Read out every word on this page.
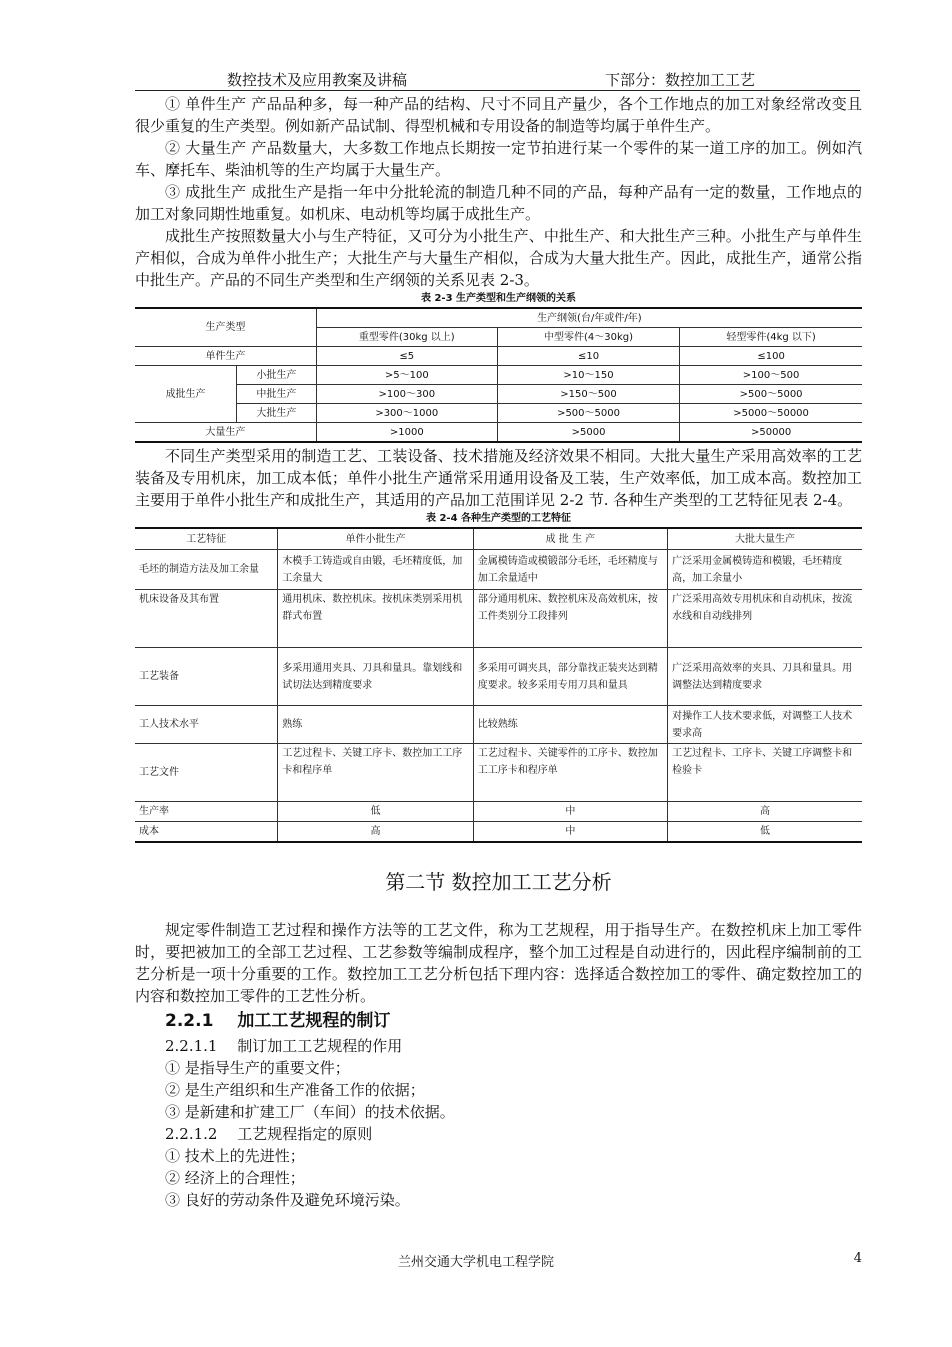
数控技术及应用教案及讲稿	下部分：数控加工工艺

① 单件生产 产品品种多，每一种产品的结构、尺寸不同且产量少，各个工作地点的加工对象经常改变且很少重复的生产类型。例如新产品试制、得型机械和专用设备的制造等均属于单件生产。

② 大量生产 产品数量大，大多数工作地点长期按一定节拍进行某一个零件的某一道工序的加工。例如汽车、摩托车、柴油机等的生产均属于大量生产。

③ 成批生产 成批生产是指一年中分批轮流的制造几种不同的产品，每种产品有一定的数量，工作地点的加工对象同期性地重复。如机床、电动机等均属于成批生产。

成批生产按照数量大小与生产特征，又可分为小批生产、中批生产、和大批生产三种。小批生产与单件生产相似，合成为单件小批生产；大批生产与大量生产相似，合成为大量大批生产。因此，成批生产，通常公指中批生产。产品的不同生产类型和生产纲领的关系见表 2-3。

表 2-3 生产类型和生产纲领的关系
生产类型		生产纲领(台/年或件/年)		
		重型零件(30kg 以上)	中型零件(4～30kg)	轻型零件(4kg 以下)
单件生产		≤5	≤10	≤100
成批生产	小批生产	>5～100	>10～150	>100～500
	中批生产	>100～300	>150～500	>500～5000
	大批生产	>300～1000	>500～5000	>5000～50000
大量生产		>1000	>5000	>50000

不同生产类型采用的制造工艺、工装设备、技术措施及经济效果不相同。大批大量生产采用高效率的工艺装备及专用机床，加工成本低；单件小批生产通常采用通用设备及工装，生产效率低，加工成本高。数控加工主要用于单件小批生产和成批生产，其适用的产品加工范围详见 2-2 节. 各种生产类型的工艺特征见表 2-4。

表 2-4 各种生产类型的工艺特征
工艺特征	单件小批生产	成 批 生 产	大批大量生产
毛坯的制造方法及加工余量	木模手工铸造或自由锻，毛坯精度低，加工余量大	金属模铸造或模锻部分毛坯，毛坯精度与加工余量适中	广泛采用金属模铸造和模锻，毛坯精度高，加工余量小
机床设备及其布置	通用机床、数控机床。按机床类别采用机群式布置	部分通用机床、数控机床及高效机床，按工件类别分工段排列	广泛采用高效专用机床和自动机床，按流水线和自动线排列
工艺装备	多采用通用夹具、刀具和量具。靠划线和试切法达到精度要求	多采用可调夹具，部分靠找正装夹达到精度要求。较多采用专用刀具和量具	广泛采用高效率的夹具、刀具和量具。用调整法达到精度要求
工人技术水平	熟练	比较熟练	对操作工人技术要求低，对调整工人技术要求高
工艺文件	工艺过程卡、关键工序卡、数控加工工序卡和程序单	工艺过程卡、关键零件的工序卡、数控加工工序卡和程序单	工艺过程卡、工序卡、关键工序调整卡和检验卡
生产率	低	中	高
成本	高	中	低
第二节 数控加工工艺分析

规定零件制造工艺过程和操作方法等的工艺文件，称为工艺规程，用于指导生产。在数控机床上加工零件时，要把被加工的全部工艺过程、工艺参数等编制成程序，整个加工过程是自动进行的，因此程序编制前的工艺分析是一项十分重要的工作。数控加工工艺分析包括下理内容：选择适合数控加工的零件、确定数控加工的内容和数控加工零件的工艺性分析。

2.2.1 加工工艺规程的制订
2.2.1.1　 制订加工工艺规程的作用
① 是指导生产的重要文件；
② 是生产组织和生产准备工作的依据；
③ 是新建和扩建工厂（车间）的技术依据。
2.2.1.2　 工艺规程指定的原则
① 技术上的先进性；
② 经济上的合理性；
③ 良好的劳动条件及避免环境污染。
兰州交通大学机电工程学院	4
